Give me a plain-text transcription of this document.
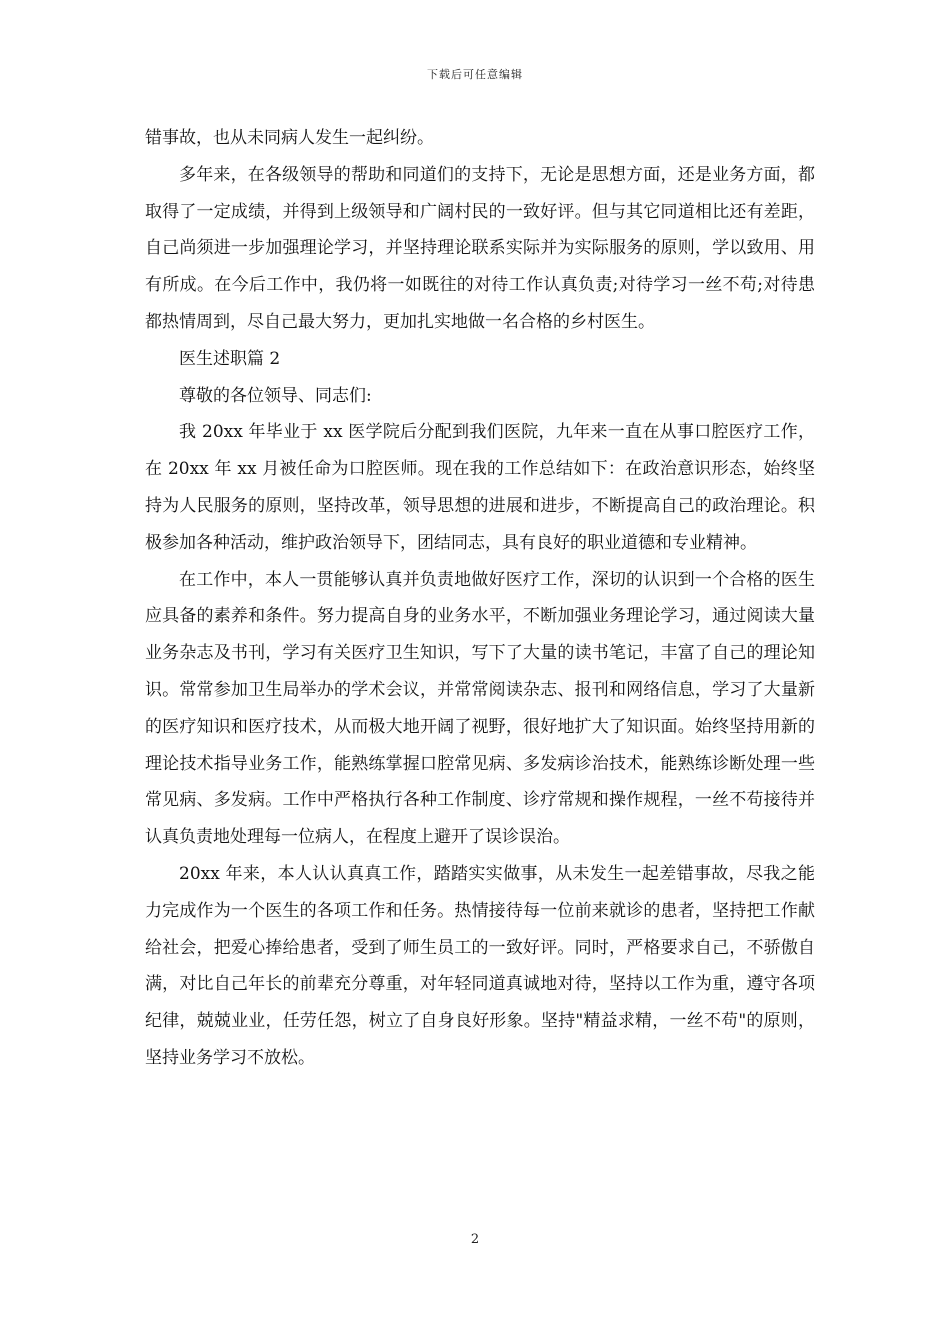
下载后可任意编辑

错事故，也从未同病人发生一起纠纷。

多年来，在各级领导的帮助和同道们的支持下，无论是思想方面，还是业务方面，都取得了一定成绩，并得到上级领导和广阔村民的一致好评。但与其它同道相比还有差距，自己尚须进一步加强理论学习，并坚持理论联系实际并为实际服务的原则，学以致用、用有所成。在今后工作中，我仍将一如既往的对待工作认真负责;对待学习一丝不苟;对待患都热情周到，尽自己最大努力，更加扎实地做一名合格的乡村医生。

医生述职篇 2

尊敬的各位领导、同志们:

我 20xx 年毕业于 xx 医学院后分配到我们医院，九年来一直在从事口腔医疗工作，在 20xx 年 xx 月被任命为口腔医师。现在我的工作总结如下：在政治意识形态，始终坚持为人民服务的原则，坚持改革，领导思想的进展和进步，不断提高自己的政治理论。积极参加各种活动，维护政治领导下，团结同志，具有良好的职业道德和专业精神。

在工作中，本人一贯能够认真并负责地做好医疗工作，深切的认识到一个合格的医生应具备的素养和条件。努力提高自身的业务水平，不断加强业务理论学习，通过阅读大量业务杂志及书刊，学习有关医疗卫生知识，写下了大量的读书笔记，丰富了自己的理论知识。常常参加卫生局举办的学术会议，并常常阅读杂志、报刊和网络信息，学习了大量新的医疗知识和医疗技术，从而极大地开阔了视野，很好地扩大了知识面。始终坚持用新的理论技术指导业务工作，能熟练掌握口腔常见病、多发病诊治技术，能熟练诊断处理一些常见病、多发病。工作中严格执行各种工作制度、诊疗常规和操作规程，一丝不苟接待并认真负责地处理每一位病人，在程度上避开了误诊误治。

20xx 年来，本人认认真真工作，踏踏实实做事，从未发生一起差错事故，尽我之能力完成作为一个医生的各项工作和任务。热情接待每一位前来就诊的患者，坚持把工作献给社会，把爱心捧给患者，受到了师生员工的一致好评。同时，严格要求自己，不骄傲自满，对比自己年长的前辈充分尊重，对年轻同道真诚地对待，坚持以工作为重，遵守各项纪律，兢兢业业，任劳任怨，树立了自身良好形象。坚持"精益求精，一丝不苟"的原则，坚持业务学习不放松。

2
